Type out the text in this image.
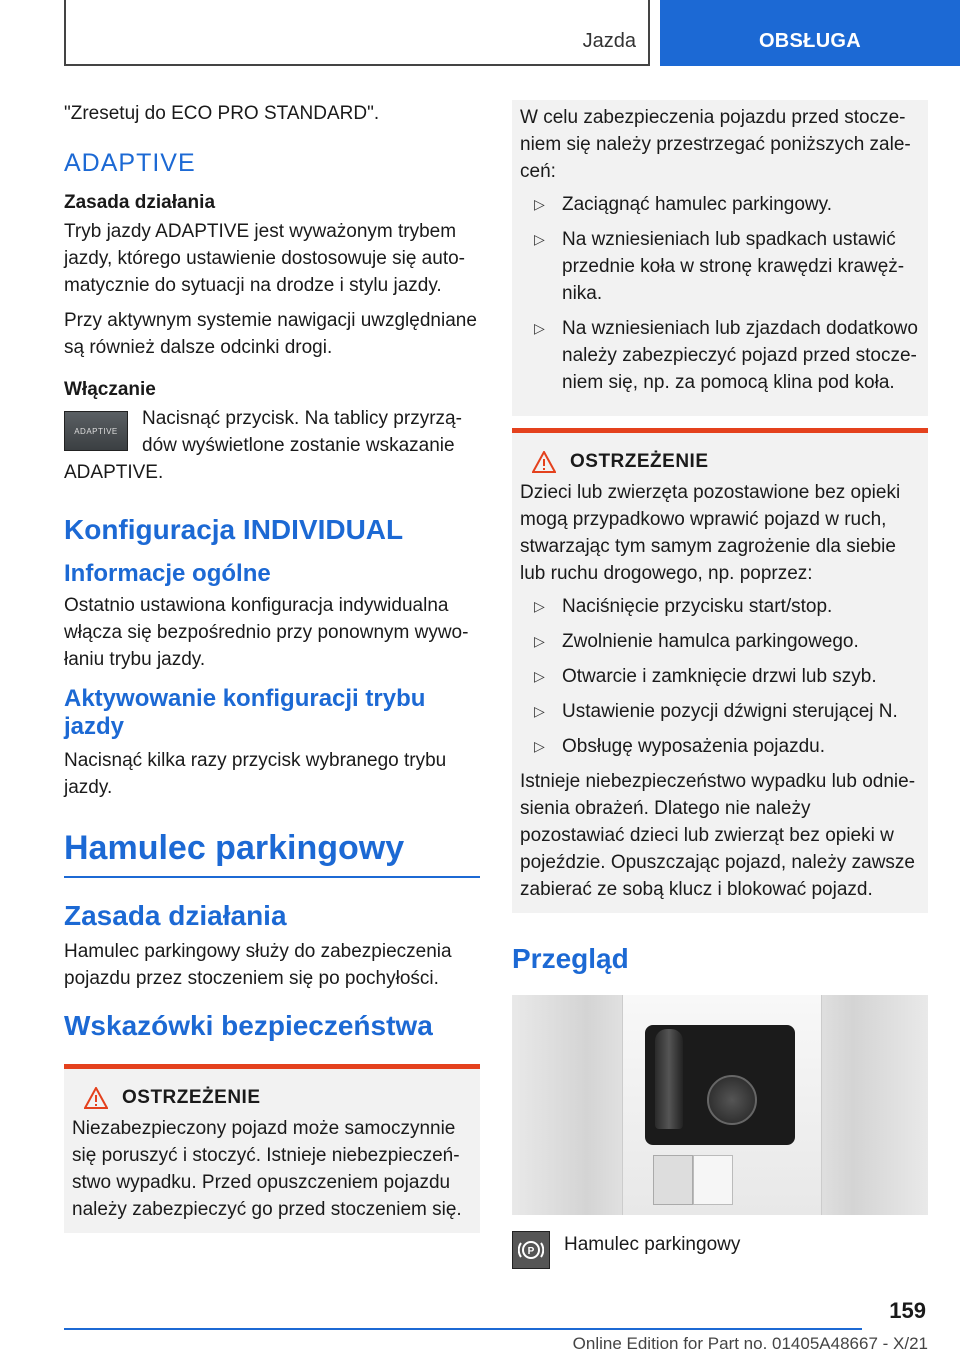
Jazda	OBSŁUGA

"Zresetuj do ECO PRO STANDARD".

ADAPTIVE
Zasada działania

Tryb jazdy ADAPTIVE jest wyważonym trybem jazdy, którego ustawienie dostosowuje się auto-matycznie do sytuacji na drodze i stylu jazdy.

Przy aktywnym systemie nawigacji uwzględniane są również dalsze odcinki drogi.

Włączanie
ADAPTIVE
Nacisnąć przycisk. Na tablicy przyrzą-dów wyświetlone zostanie wskazanie ADAPTIVE.
Konfiguracja INDIVIDUAL
Informacje ogólne

Ostatnio ustawiona konfiguracja indywidualna włącza się bezpośrednio przy ponownym wywo-łaniu trybu jazdy.

Aktywowanie konfiguracji trybu jazdy

Nacisnąć kilka razy przycisk wybranego trybu jazdy.

Hamulec parkingowy
Zasada działania

Hamulec parkingowy służy do zabezpieczenia pojazdu przez stoczeniem się po pochyłości.

Wskazówki bezpieczeństwa
OSTRZEŻENIE

Niezabezpieczony pojazd może samoczynnie się poruszyć i stoczyć. Istnieje niebezpieczeń-stwo wypadku. Przed opuszczeniem pojazdu należy zabezpieczyć go przed stoczeniem się.

W celu zabezpieczenia pojazdu przed stocze-niem się należy przestrzegać poniższych zale-ceń:

▷ Zaciągnąć hamulec parkingowy.
▷ Na wzniesieniach lub spadkach ustawić przednie koła w stronę krawędzi krawęż-nika.
▷ Na wzniesieniach lub zjazdach dodatkowo należy zabezpieczyć pojazd przed stocze-niem się, np. za pomocą klina pod koła.
OSTRZEŻENIE

Dzieci lub zwierzęta pozostawione bez opieki mogą przypadkowo wprawić pojazd w ruch, stwarzając tym samym zagrożenie dla siebie lub ruchu drogowego, np. poprzez:

▷ Naciśnięcie przycisku start/stop.
▷ Zwolnienie hamulca parkingowego.
▷ Otwarcie i zamknięcie drzwi lub szyb.
▷ Ustawienie pozycji dźwigni sterującej N.
▷ Obsługę wyposażenia pojazdu.

Istnieje niebezpieczeństwo wypadku lub odnie-sienia obrażeń. Dlatego nie należy pozostawiać dzieci lub zwierząt bez opieki w pojeździe. Opuszczając pojazd, należy zawsze zabierać ze sobą klucz i blokować pojazd.

Przegląd
P Hamulec parkingowy
159
Online Edition for Part no. 01405A48667 - X/21
